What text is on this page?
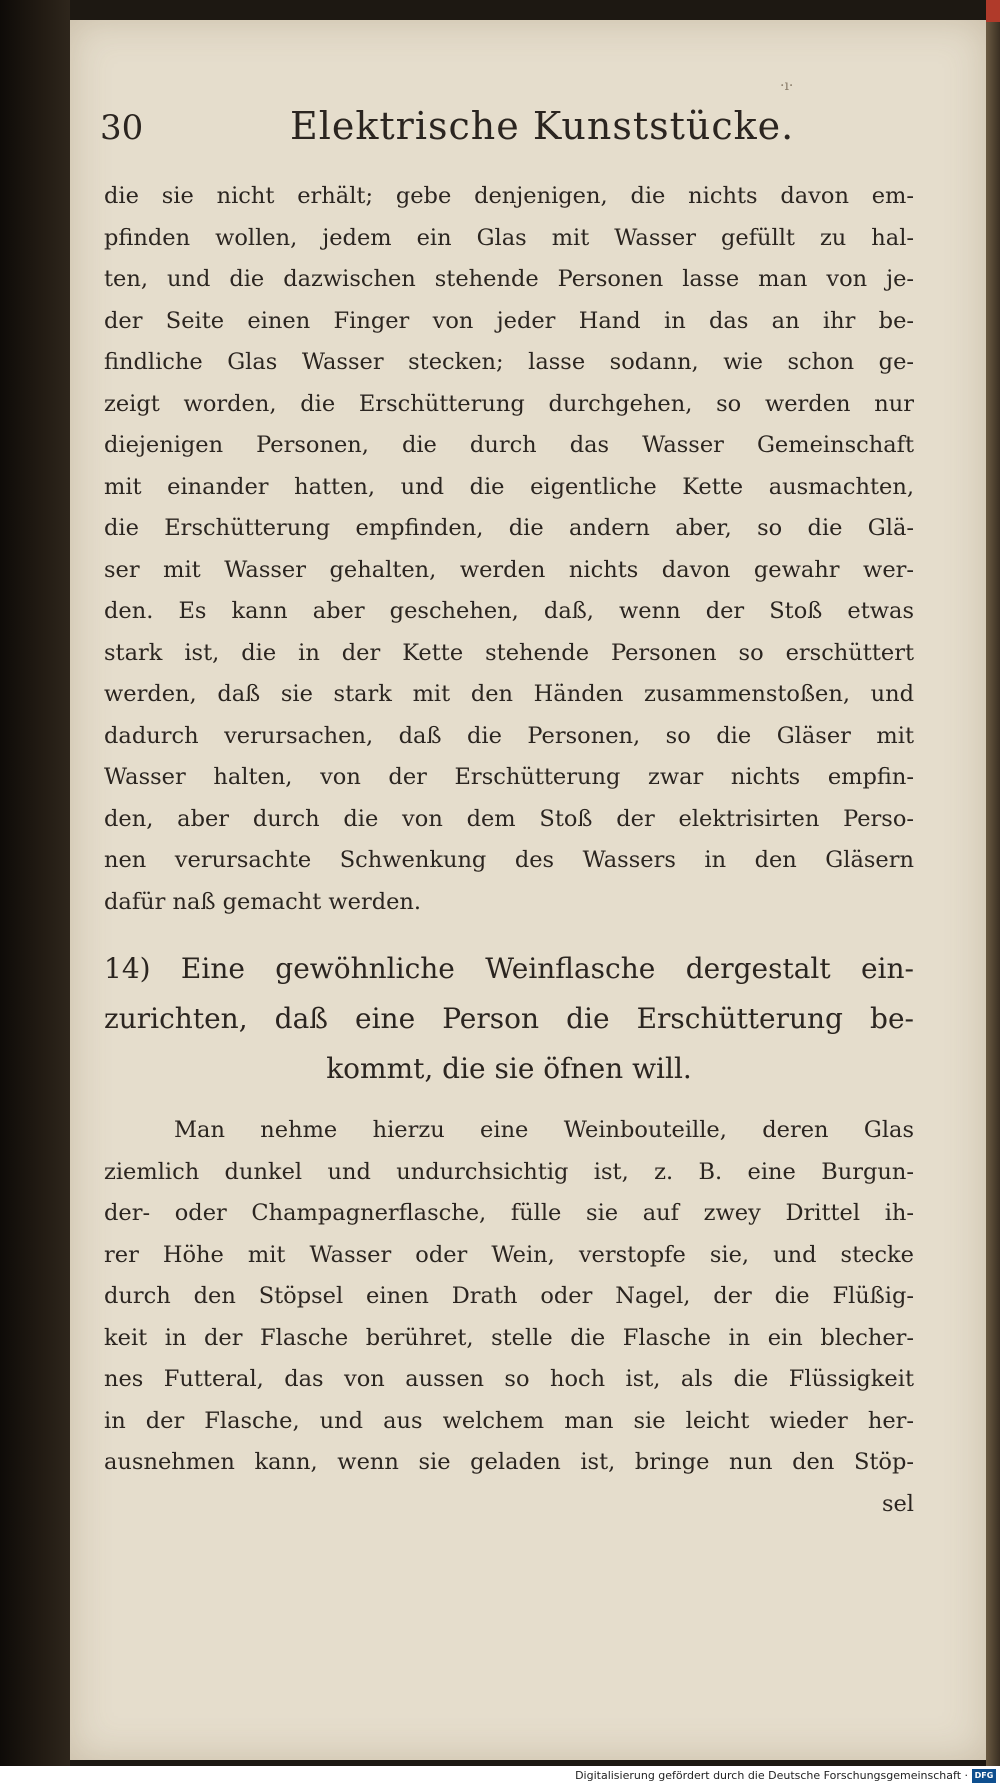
·ı·
30	Elektrische Kunststücke.
die sie nicht erhält; gebe denjenigen, die nichts davon em-
pfinden wollen, jedem ein Glas mit Wasser gefüllt zu hal-
ten, und die dazwischen stehende Personen lasse man von je-
der Seite einen Finger von jeder Hand in das an ihr be-
findliche Glas Wasser stecken; lasse sodann, wie schon ge-
zeigt worden, die Erschütterung durchgehen, so werden nur
diejenigen Personen, die durch das Wasser Gemeinschaft
mit einander hatten, und die eigentliche Kette ausmachten,
die Erschütterung empfinden, die andern aber, so die Glä-
ser mit Wasser gehalten, werden nichts davon gewahr wer-
den. Es kann aber geschehen, daß, wenn der Stoß etwas
stark ist, die in der Kette stehende Personen so erschüttert
werden, daß sie stark mit den Händen zusammenstoßen, und
dadurch verursachen, daß die Personen, so die Gläser mit
Wasser halten, von der Erschütterung zwar nichts empfin-
den, aber durch die von dem Stoß der elektrisirten Perso-
nen verursachte Schwenkung des Wassers in den Gläsern
dafür naß gemacht werden.
14) Eine gewöhnliche Weinflasche dergestalt ein-
zurichten, daß eine Person die Erschütterung be-
kommt, die sie öfnen will.
Man nehme hierzu eine Weinbouteille, deren Glas
ziemlich dunkel und undurchsichtig ist, z. B. eine Burgun-
der- oder Champagnerflasche, fülle sie auf zwey Drittel ih-
rer Höhe mit Wasser oder Wein, verstopfe sie, und stecke
durch den Stöpsel einen Drath oder Nagel, der die Flüßig-
keit in der Flasche berühret, stelle die Flasche in ein blecher-
nes Futteral, das von aussen so hoch ist, als die Flüssigkeit
in der Flasche, und aus welchem man sie leicht wieder her-
ausnehmen kann, wenn sie geladen ist, bringe nun den Stöp-
sel
Digitalisierung gefördert durch die Deutsche Forschungsgemeinschaft · DFG
